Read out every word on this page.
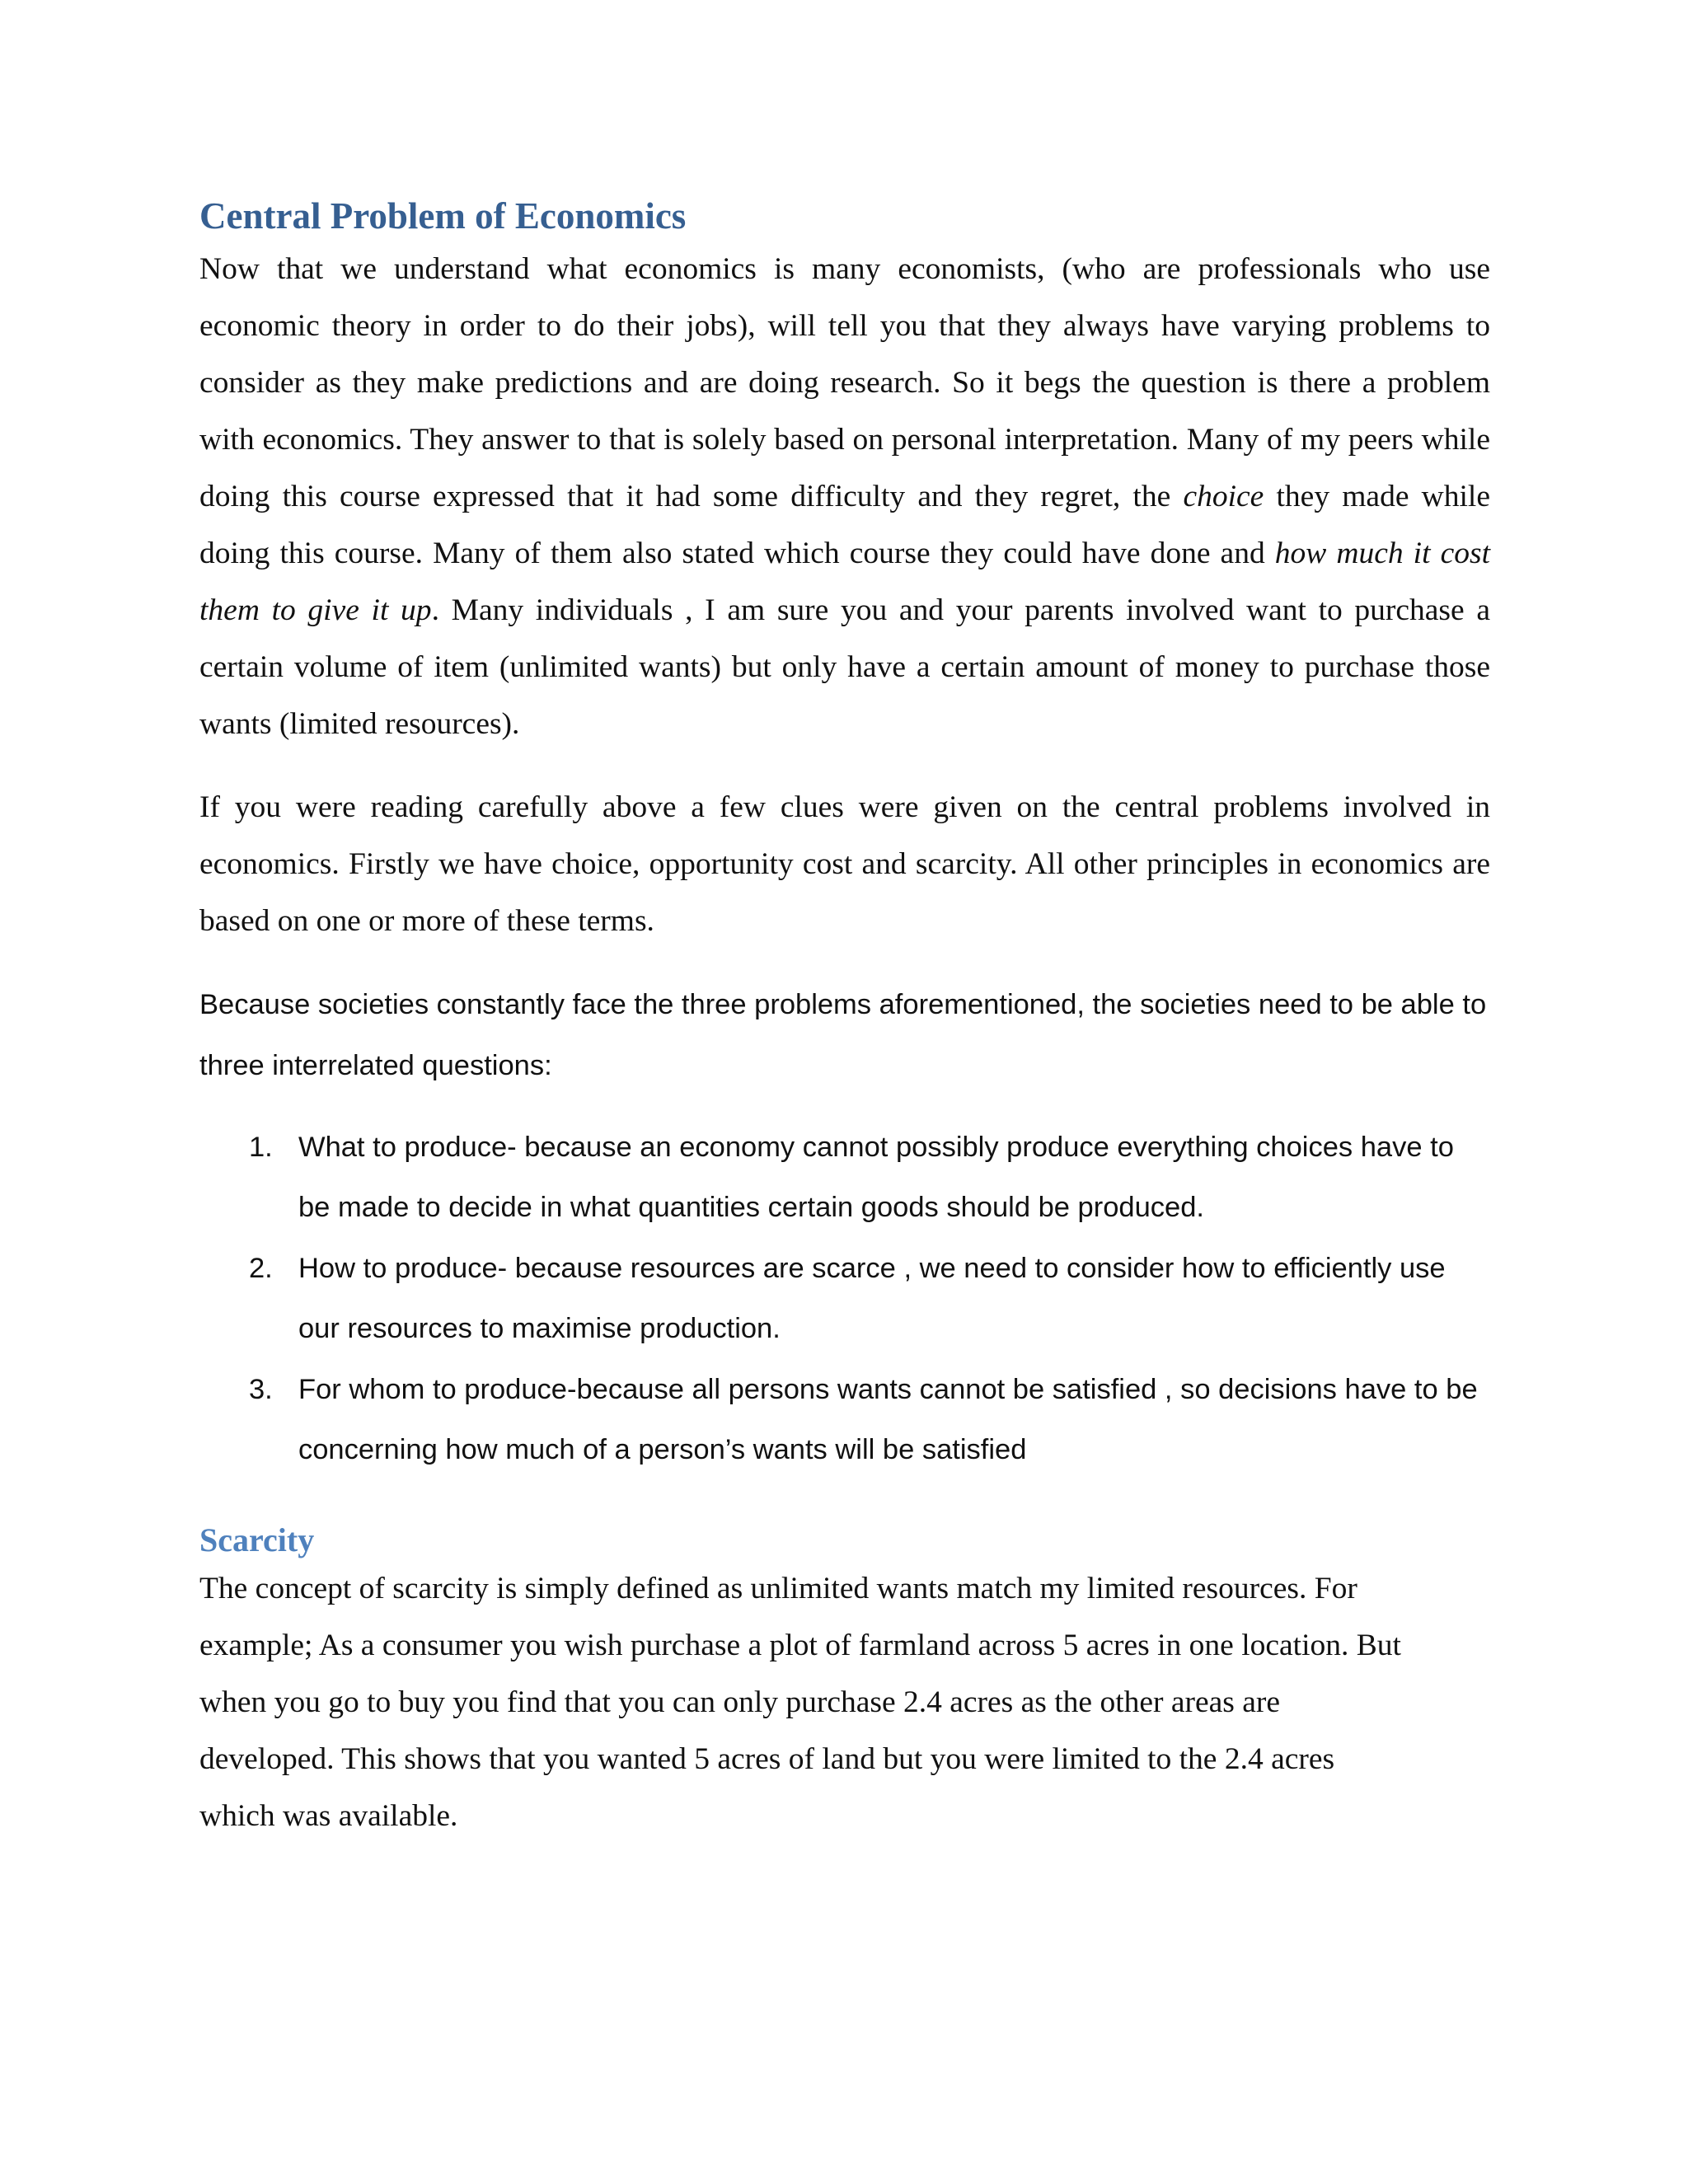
Central Problem of Economics

Now that we understand what economics is many economists, (who are professionals who use economic theory in order to do their jobs), will tell you that they always have varying problems to consider as they make predictions and are doing research. So it begs the question is there a problem with economics. They answer to that is solely based on personal interpretation. Many of my peers while doing this course expressed that it had some difficulty and they regret, the choice they made while doing this course. Many of them also stated which course they could have done and how much it cost them to give it up. Many individuals , I am sure you and your parents involved want to purchase a certain volume of item (unlimited wants) but only have a certain amount of money to purchase those wants (limited resources).

If you were reading carefully above a few clues were given on the central problems involved in economics. Firstly we have choice, opportunity cost and scarcity. All other principles in economics are based on one or more of these terms.

Because societies constantly face the three problems aforementioned, the societies need to be able to three interrelated questions:

1. What to produce- because an economy cannot possibly produce everything choices have to be made to decide in what quantities certain goods should be produced.
2. How to produce- because resources are scarce , we need to consider how to efficiently use our resources to maximise production.
3. For whom to produce-because all persons wants cannot be satisfied , so decisions have to be concerning how much of a person’s wants will be satisfied
Scarcity

The concept of scarcity is simply defined as unlimited wants match my limited resources. For
example; As a consumer you wish purchase a plot of farmland across 5 acres in one location. But
when you go to buy you find that you can only purchase 2.4 acres as the other areas are
developed. This shows that you wanted 5 acres of land but you were limited to the 2.4 acres
which was available.
